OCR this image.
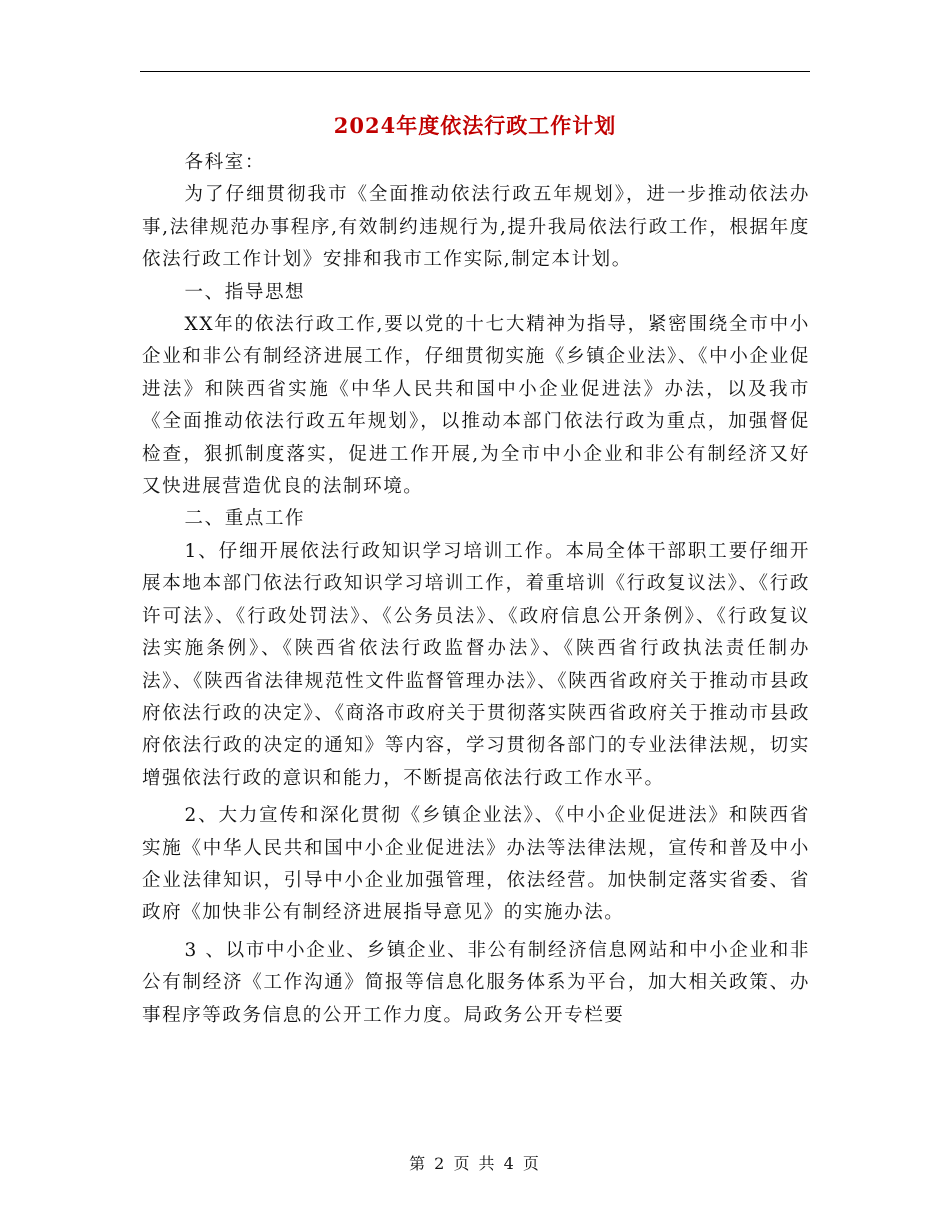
2024年度依法行政工作计划

各科室：

为了仔细贯彻我市《全面推动依法行政五年规划》，进一步推动依法办事,法律规范办事程序,有效制约违规行为,提升我局依法行政工作，根据年度依法行政工作计划》安排和我市工作实际,制定本计划。

一、指导思想

XX年的依法行政工作,要以党的十七大精神为指导，紧密围绕全市中小企业和非公有制经济进展工作，仔细贯彻实施《乡镇企业法》、《中小企业促进法》和陕西省实施《中华人民共和国中小企业促进法》办法，以及我市《全面推动依法行政五年规划》，以推动本部门依法行政为重点，加强督促检查，狠抓制度落实，促进工作开展,为全市中小企业和非公有制经济又好又快进展营造优良的法制环境。

二、重点工作

1、仔细开展依法行政知识学习培训工作。本局全体干部职工要仔细开展本地本部门依法行政知识学习培训工作，着重培训《行政复议法》、《行政许可法》、《行政处罚法》、《公务员法》、《政府信息公开条例》、《行政复议法实施条例》、《陕西省依法行政监督办法》、《陕西省行政执法责任制办法》、《陕西省法律规范性文件监督管理办法》、《陕西省政府关于推动市县政府依法行政的决定》、《商洛市政府关于贯彻落实陕西省政府关于推动市县政府依法行政的决定的通知》等内容，学习贯彻各部门的专业法律法规，切实增强依法行政的意识和能力，不断提高依法行政工作水平。

2、大力宣传和深化贯彻《乡镇企业法》、《中小企业促进法》和陕西省实施《中华人民共和国中小企业促进法》办法等法律法规，宣传和普及中小企业法律知识，引导中小企业加强管理，依法经营。加快制定落实省委、省政府《加快非公有制经济进展指导意见》的实施办法。

3 、以市中小企业、乡镇企业、非公有制经济信息网站和中小企业和非公有制经济《工作沟通》简报等信息化服务体系为平台，加大相关政策、办事程序等政务信息的公开工作力度。局政务公开专栏要

第 2 页 共 4 页
